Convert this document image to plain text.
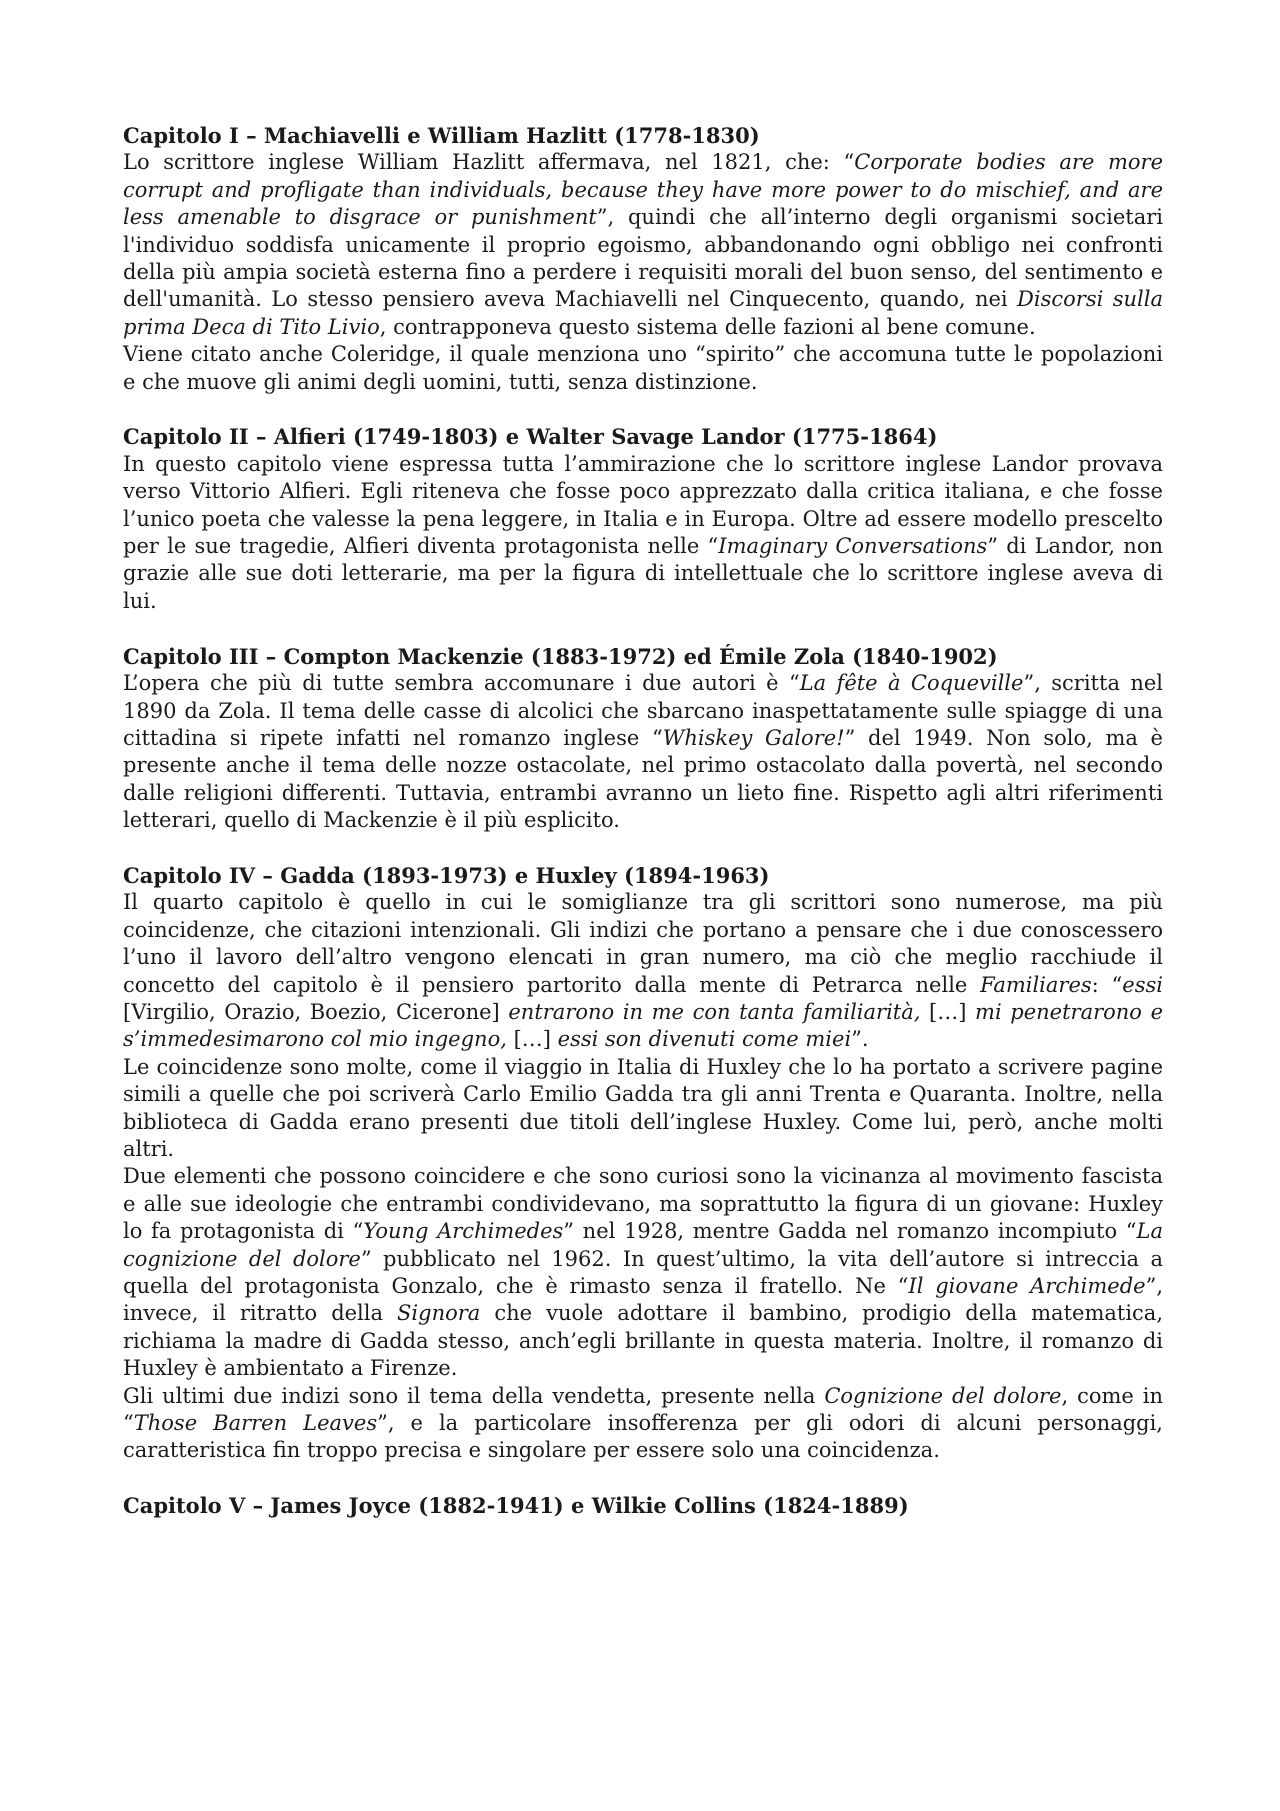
Capitolo I – Machiavelli e William Hazlitt (1778-1830)

Lo scrittore inglese William Hazlitt affermava, nel 1821, che: “Corporate bodies are more corrupt and profligate than individuals, because they have more power to do mischief, and are less amenable to disgrace or punishment”, quindi che all’interno degli organismi societari l'individuo soddisfa unicamente il proprio egoismo, abbandonando ogni obbligo nei confronti della più ampia società esterna fino a perdere i requisiti morali del buon senso, del sentimento e dell'umanità. Lo stesso pensiero aveva Machiavelli nel Cinquecento, quando, nei Discorsi sulla prima Deca di Tito Livio, contrapponeva questo sistema delle fazioni al bene comune.

Viene citato anche Coleridge, il quale menziona uno “spirito” che accomuna tutte le popolazioni e che muove gli animi degli uomini, tutti, senza distinzione.

Capitolo II – Alfieri (1749-1803) e Walter Savage Landor (1775-1864)

In questo capitolo viene espressa tutta l’ammirazione che lo scrittore inglese Landor provava verso Vittorio Alfieri. Egli riteneva che fosse poco apprezzato dalla critica italiana, e che fosse l’unico poeta che valesse la pena leggere, in Italia e in Europa. Oltre ad essere modello prescelto per le sue tragedie, Alfieri diventa protagonista nelle “Imaginary Conversations” di Landor, non grazie alle sue doti letterarie, ma per la figura di intellettuale che lo scrittore inglese aveva di lui.

Capitolo III – Compton Mackenzie (1883-1972) ed Émile Zola (1840-1902)

L’opera che più di tutte sembra accomunare i due autori è “La fête à Coqueville”, scritta nel 1890 da Zola. Il tema delle casse di alcolici che sbarcano inaspettatamente sulle spiagge di una cittadina si ripete infatti nel romanzo inglese “Whiskey Galore!” del 1949. Non solo, ma è presente anche il tema delle nozze ostacolate, nel primo ostacolato dalla povertà, nel secondo dalle religioni differenti. Tuttavia, entrambi avranno un lieto fine. Rispetto agli altri riferimenti letterari, quello di Mackenzie è il più esplicito.

Capitolo IV – Gadda (1893-1973) e Huxley (1894-1963)

Il quarto capitolo è quello in cui le somiglianze tra gli scrittori sono numerose, ma più coincidenze, che citazioni intenzionali. Gli indizi che portano a pensare che i due conoscessero l’uno il lavoro dell’altro vengono elencati in gran numero, ma ciò che meglio racchiude il concetto del capitolo è il pensiero partorito dalla mente di Petrarca nelle Familiares: “essi [Virgilio, Orazio, Boezio, Cicerone] entrarono in me con tanta familiarità, […] mi penetrarono e s’immedesimarono col mio ingegno, […] essi son divenuti come miei”.

Le coincidenze sono molte, come il viaggio in Italia di Huxley che lo ha portato a scrivere pagine simili a quelle che poi scriverà Carlo Emilio Gadda tra gli anni Trenta e Quaranta. Inoltre, nella biblioteca di Gadda erano presenti due titoli dell’inglese Huxley. Come lui, però, anche molti altri.

Due elementi che possono coincidere e che sono curiosi sono la vicinanza al movimento fascista e alle sue ideologie che entrambi condividevano, ma soprattutto la figura di un giovane: Huxley lo fa protagonista di “Young Archimedes” nel 1928, mentre Gadda nel romanzo incompiuto “La cognizione del dolore” pubblicato nel 1962. In quest’ultimo, la vita dell’autore si intreccia a quella del protagonista Gonzalo, che è rimasto senza il fratello. Ne “Il giovane Archimede”, invece, il ritratto della Signora che vuole adottare il bambino, prodigio della matematica, richiama la madre di Gadda stesso, anch’egli brillante in questa materia. Inoltre, il romanzo di Huxley è ambientato a Firenze.

Gli ultimi due indizi sono il tema della vendetta, presente nella Cognizione del dolore, come in “Those Barren Leaves”, e la particolare insofferenza per gli odori di alcuni personaggi, caratteristica fin troppo precisa e singolare per essere solo una coincidenza.

Capitolo V – James Joyce (1882-1941) e Wilkie Collins (1824-1889)
